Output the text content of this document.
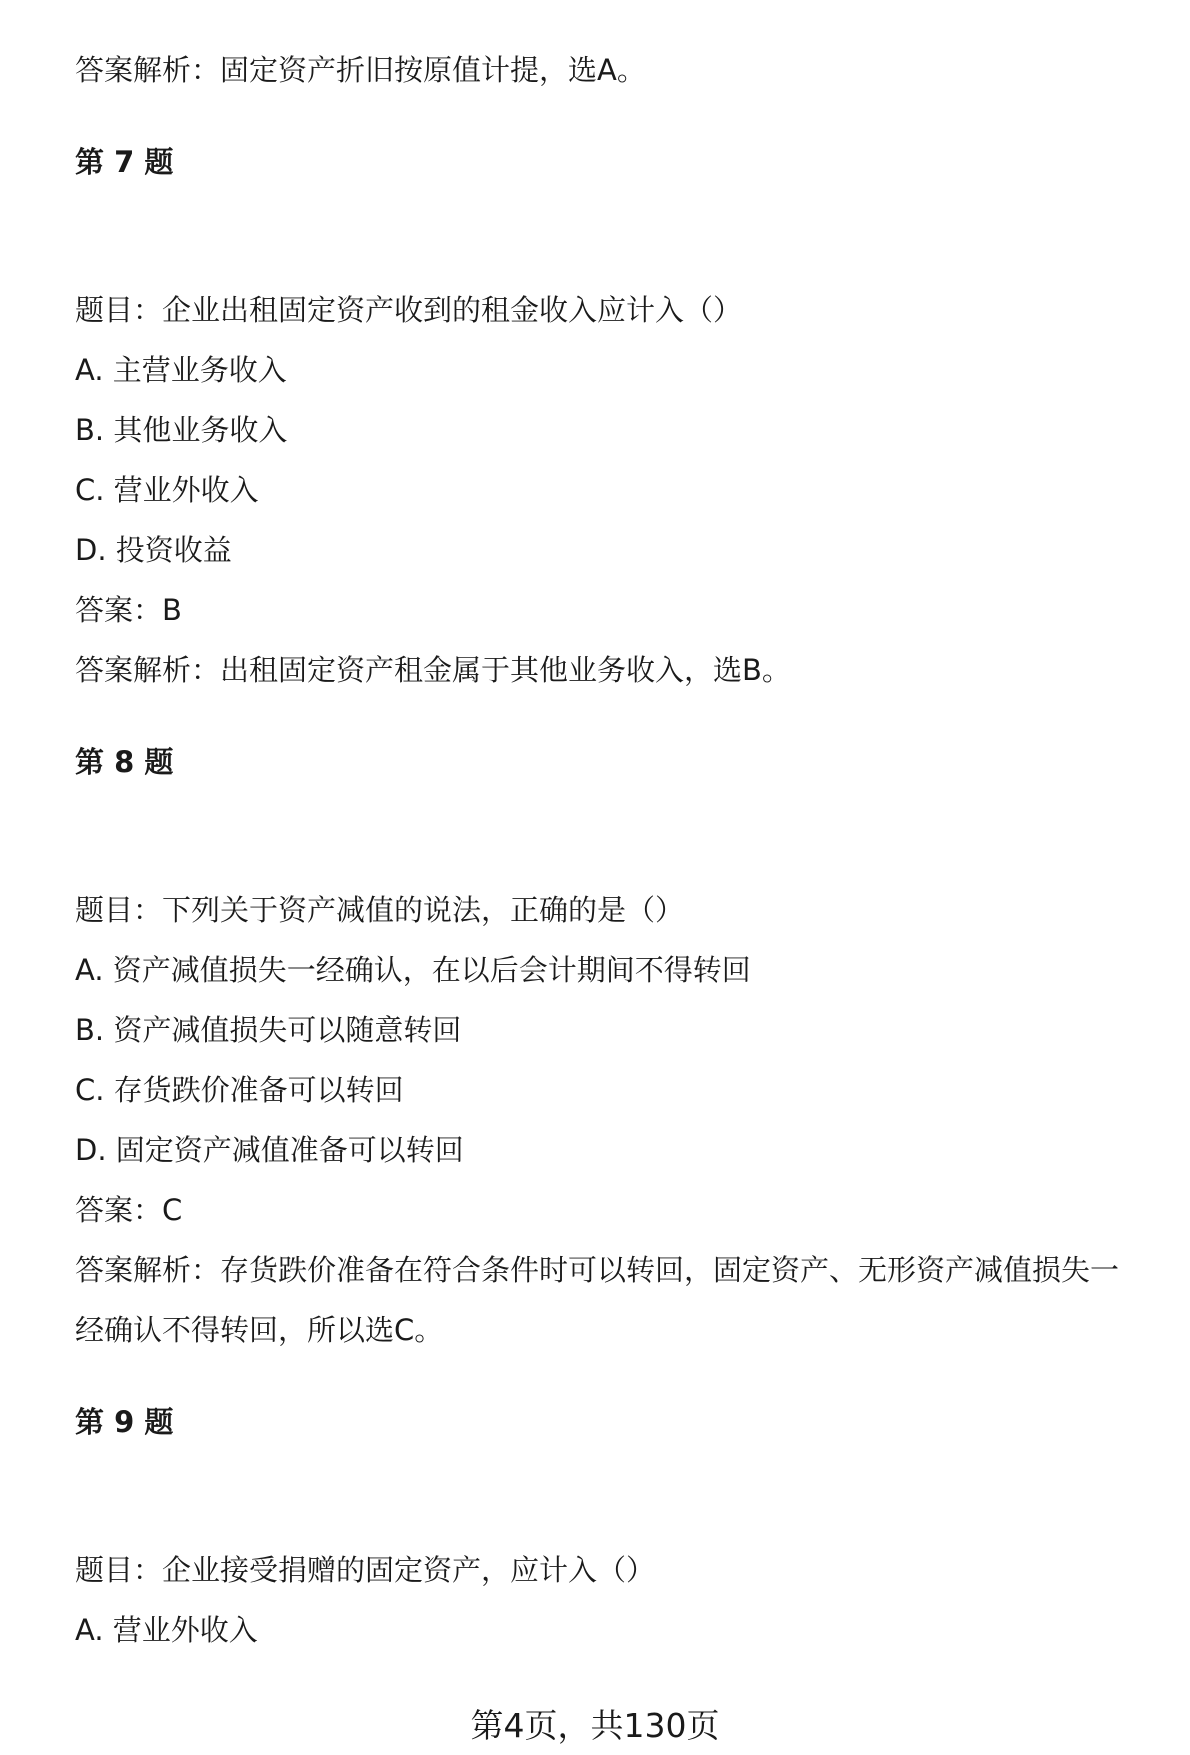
答案解析：固定资产折旧按原值计提，选A。
第 7 题
题目：企业出租固定资产收到的租金收入应计入（）
A. 主营业务收入
B. 其他业务收入
C. 营业外收入
D. 投资收益
答案：B
答案解析：出租固定资产租金属于其他业务收入，选B。
第 8 题
题目：下列关于资产减值的说法，正确的是（）
A. 资产减值损失一经确认，在以后会计期间不得转回
B. 资产减值损失可以随意转回
C. 存货跌价准备可以转回
D. 固定资产减值准备可以转回
答案：C
答案解析：存货跌价准备在符合条件时可以转回，固定资产、无形资产减值损失一
经确认不得转回，所以选C。
第 9 题
题目：企业接受捐赠的固定资产，应计入（）
A. 营业外收入
第4页，共130页
